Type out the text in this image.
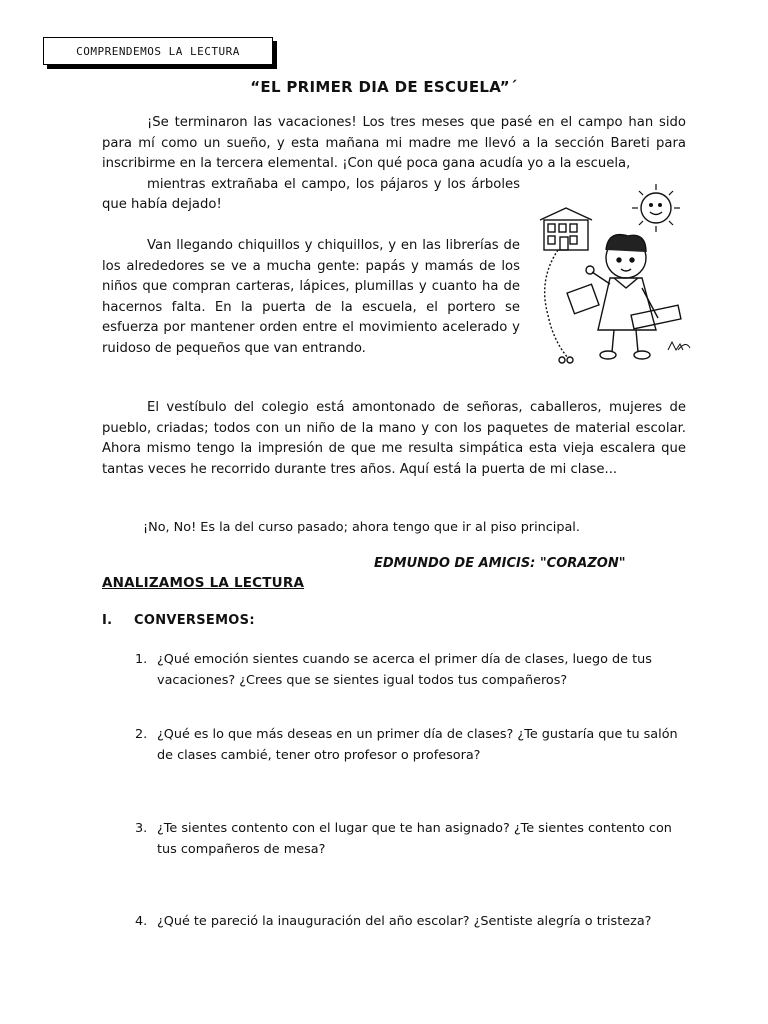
COMPRENDEMOS LA LECTURA
“EL PRIMER DIA DE ESCUELA”´

¡Se terminaron las vacaciones! Los tres meses que pasé en el campo han sido para mí como un sueño, y esta mañana mi madre me llevó a la sección Bareti para inscribirme en la tercera elemental. ¡Con qué poca gana acudía yo a la escuela,
mientras extrañaba el campo, los pájaros y los árboles que había dejado!

Van llegando chiquillos y chiquillos, y en las librerías de los alrededores se ve a mucha gente: papás y mamás de los niños que compran carteras, lápices, plumillas y cuanto ha de hacernos falta. En la puerta de la escuela, el portero se esfuerza por mantener orden entre el movimiento acelerado y ruidoso de pequeños que van entrando.

El vestíbulo del colegio está amontonado de señoras, caballeros, mujeres de pueblo, criadas; todos con un niño de la mano y con los paquetes de material escolar. Ahora mismo tengo la impresión de que me resulta simpática esta vieja escalera que tantas veces he recorrido durante tres años. Aquí está la puerta de mi clase...

¡No, No! Es la del curso pasado; ahora tengo que ir al piso principal.

EDMUNDO DE AMICIS: "CORAZON"
ANALIZAMOS LA LECTURA
I. CONVERSEMOS:
1. ¿Qué emoción sientes cuando se acerca el primer día de clases, luego de tus vacaciones? ¿Crees que se sientes igual todos tus compañeros?
2. ¿Qué es lo que más deseas en un primer día de clases? ¿Te gustaría que tu salón de clases cambié, tener otro profesor o profesora?
3. ¿Te sientes contento con el lugar que te han asignado? ¿Te sientes contento con tus compañeros de mesa?
4. ¿Qué te pareció la inauguración del año escolar? ¿Sentiste alegría o tristeza?
